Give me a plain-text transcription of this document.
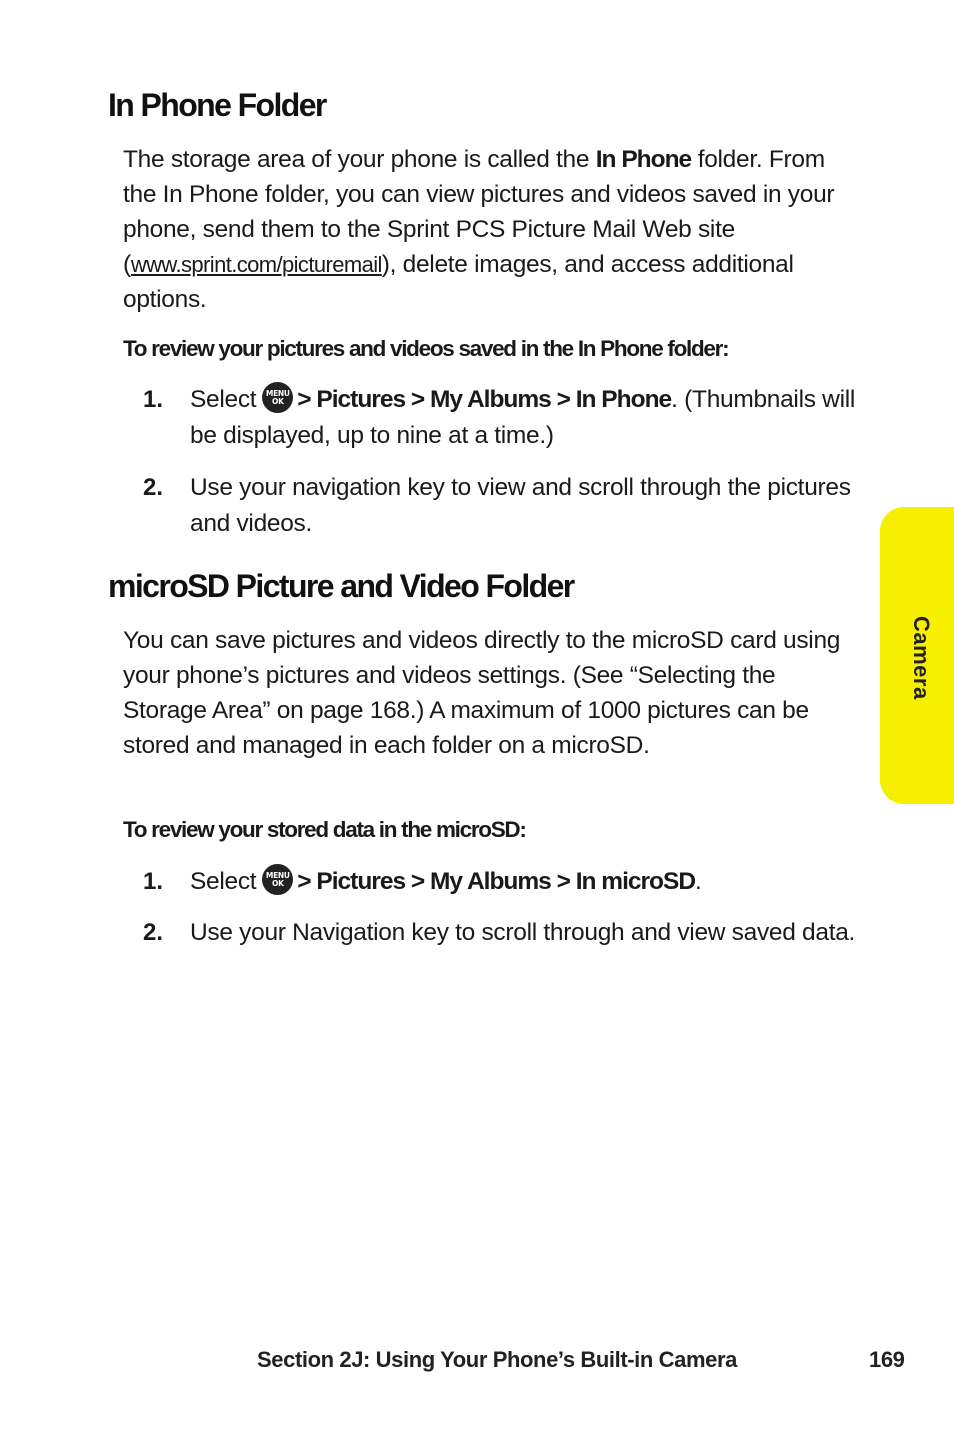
In Phone Folder

The storage area of your phone is called the In Phone folder. From the In Phone folder, you can view pictures and videos saved in your phone, send them to the Sprint PCS Picture Mail Web site (www.sprint.com/picturemail), delete images, and access additional options.

To review your pictures and videos saved in the In Phone folder:

1. Select	MENU
OK > Pictures > My Albums > In Phone. (Thumbnails will be displayed, up to nine at a time.)
2. Use your navigation key to view and scroll through the pictures and videos.
microSD Picture and Video Folder

You can save pictures and videos directly to the microSD card using your phone’s pictures and videos settings. (See “Selecting the Storage Area” on page 168.) A maximum of 1000 pictures can be stored and managed in each folder on a microSD.

To review your stored data in the microSD:

1. Select	MENU
OK > Pictures > My Albums > In microSD.
2. Use your Navigation key to scroll through and view saved data.
Camera
Section 2J: Using Your Phone’s Built-in Camera	169
